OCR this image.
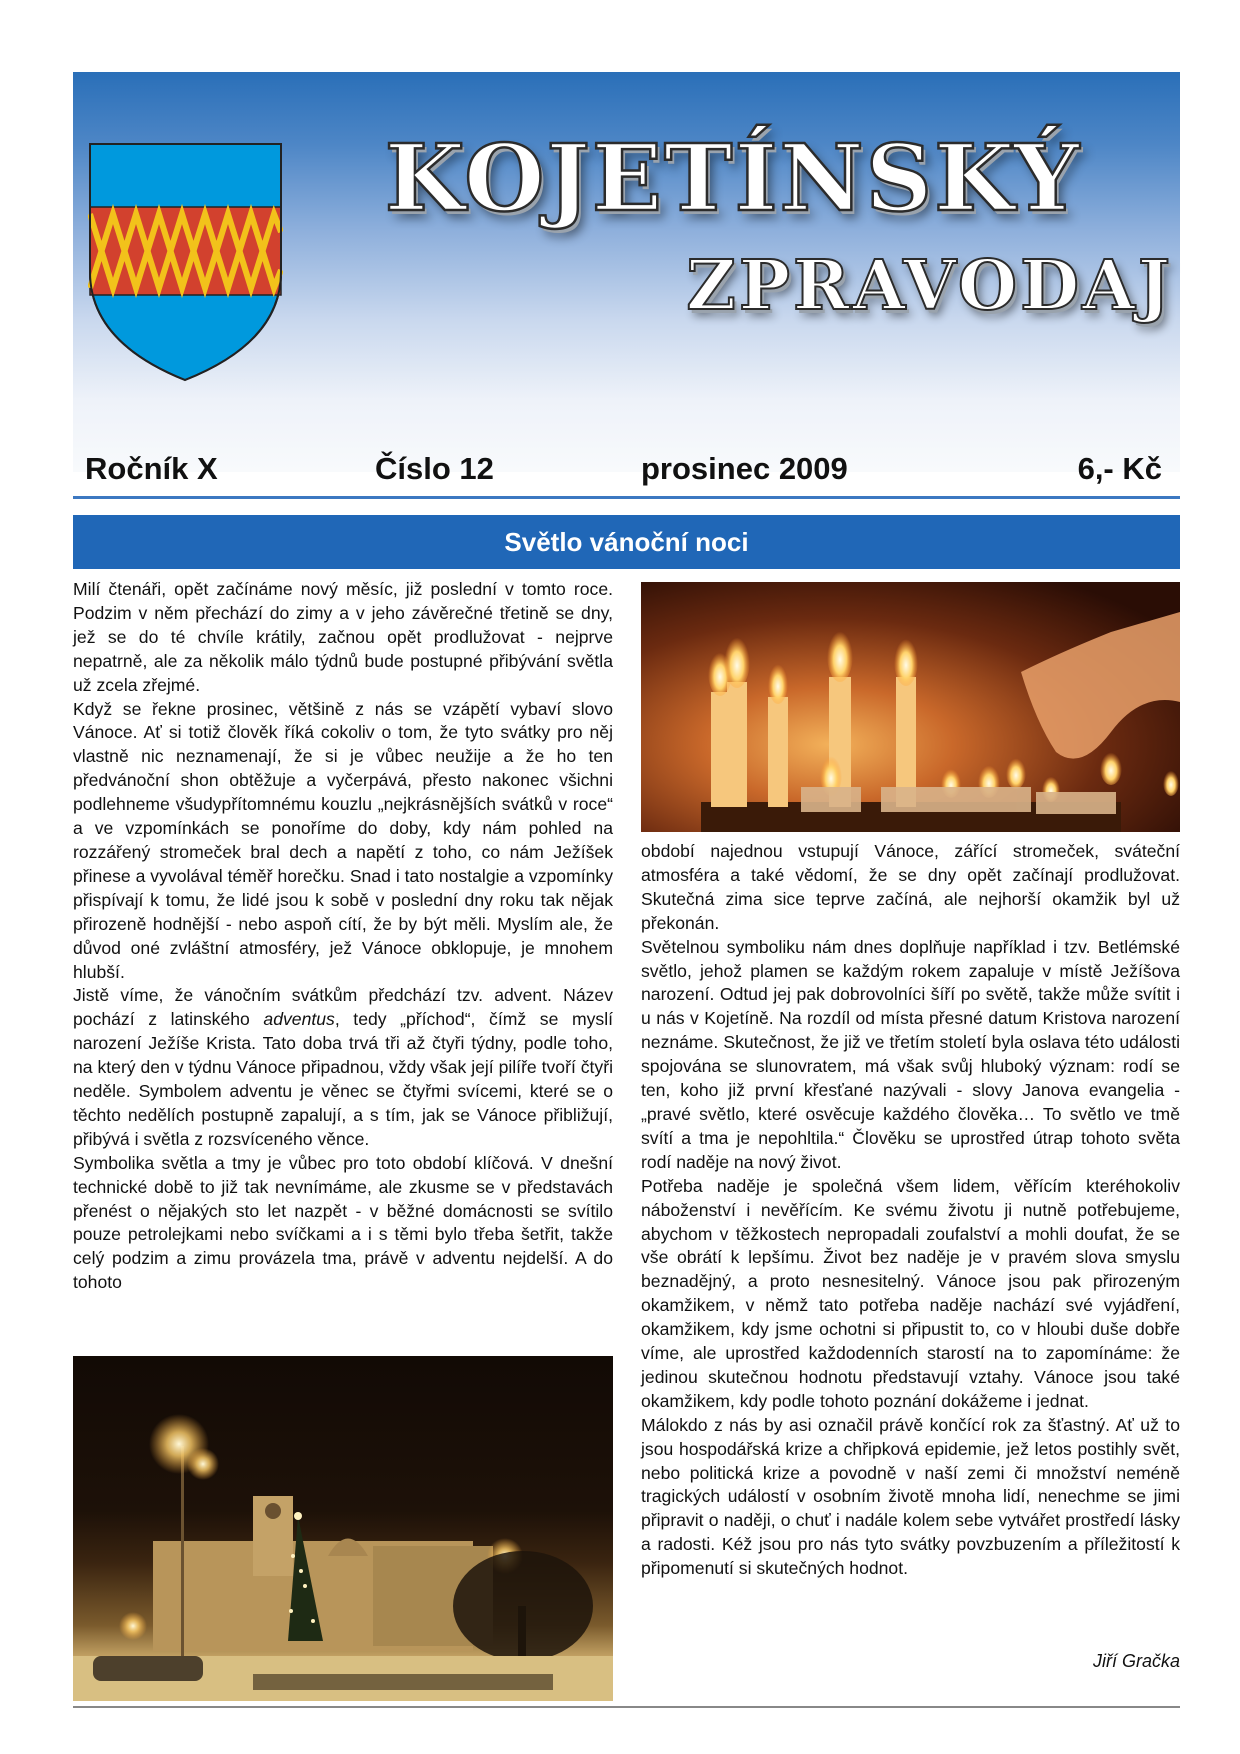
KOJETÍNSKÝ
ZPRAVODAJ
Ročník X	Číslo 12	prosinec 2009	6,- Kč
Světlo vánoční noci

Milí čtenáři, opět začínáme nový měsíc, již poslední v tomto roce. Podzim v něm přechází do zimy a v jeho závěrečné třetině se dny, jež se do té chvíle krátily, začnou opět prodlužovat - nejprve nepatrně, ale za několik málo týdnů bude postupné přibývání světla už zcela zřejmé.

Když se řekne prosinec, většině z nás se vzápětí vybaví slovo Vánoce. Ať si totiž člověk říká cokoliv o tom, že tyto svátky pro něj vlastně nic neznamenají, že si je vůbec neužije a že ho ten předvánoční shon obtěžuje a vyčerpává, přesto nakonec všichni podlehneme všudypřítomnému kouzlu „nejkrásnějších svátků v roce“ a ve vzpomínkách se ponoříme do doby, kdy nám pohled na rozzářený stromeček bral dech a napětí z toho, co nám Ježíšek přinese a vyvolával téměř horečku. Snad i tato nostalgie a vzpomínky přispívají k tomu, že lidé jsou k sobě v poslední dny roku tak nějak přirozeně hodnější - nebo aspoň cítí, že by být měli. Myslím ale, že důvod oné zvláštní atmosféry, jež Vánoce obklopuje, je mnohem hlubší.

Jistě víme, že vánočním svátkům předchází tzv. advent. Název pochází z latinského adventus, tedy „příchod“, čímž se myslí narození Ježíše Krista. Tato doba trvá tři až čtyři týdny, podle toho, na který den v týdnu Vánoce připadnou, vždy však její pilíře tvoří čtyři neděle. Symbolem adventu je věnec se čtyřmi svícemi, které se o těchto nedělích postupně zapalují, a s tím, jak se Vánoce přibližují, přibývá i světla z rozsvíceného věnce.

Symbolika světla a tmy je vůbec pro toto období klíčová. V dnešní technické době to již tak nevnímáme, ale zkusme se v představách přenést o nějakých sto let nazpět - v běžné domácnosti se svítilo pouze petrolejkami nebo svíčkami a i s těmi bylo třeba šetřit, takže celý podzim a zimu provázela tma, právě v adventu nejdelší. A do tohoto

období najednou vstupují Vánoce, zářící stromeček, sváteční atmosféra a také vědomí, že se dny opět začínají prodlužovat. Skutečná zima sice teprve začíná, ale nejhorší okamžik byl už překonán.

Světelnou symboliku nám dnes doplňuje například i tzv. Betlémské světlo, jehož plamen se každým rokem zapaluje v místě Ježíšova narození. Odtud jej pak dobrovolníci šíří po světě, takže může svítit i u nás v Kojetíně. Na rozdíl od místa přesné datum Kristova narození neznáme. Skutečnost, že již ve třetím století byla oslava této události spojována se slunovratem, má však svůj hluboký význam: rodí se ten, koho již první křesťané nazývali - slovy Janova evangelia - „pravé světlo, které osvěcuje každého člověka… To světlo ve tmě svítí a tma je nepohltila.“ Člověku se uprostřed útrap tohoto světa rodí naděje na nový život.

Potřeba naděje je společná všem lidem, věřícím kteréhokoliv náboženství i nevěřícím. Ke svému životu ji nutně potřebujeme, abychom v těžkostech nepropadali zoufalství a mohli doufat, že se vše obrátí k lepšímu. Život bez naděje je v pravém slova smyslu beznadějný, a proto nesnesitelný. Vánoce jsou pak přirozeným okamžikem, v němž tato potřeba naděje nachází své vyjádření, okamžikem, kdy jsme ochotni si připustit to, co v hloubi duše dobře víme, ale uprostřed každodenních starostí na to zapomínáme: že jedinou skutečnou hodnotu představují vztahy. Vánoce jsou také okamžikem, kdy podle tohoto poznání dokážeme i jednat.

Málokdo z nás by asi označil právě končící rok za šťastný. Ať už to jsou hospodářská krize a chřipková epidemie, jež letos postihly svět, nebo politická krize a povodně v naší zemi či množství neméně tragických událostí v osobním životě mnoha lidí, nenechme se jimi připravit o naději, o chuť i nadále kolem sebe vytvářet prostředí lásky a radosti. Kéž jsou pro nás tyto svátky povzbuzením a příležitostí k připomenutí si skutečných hodnot.

Jiří Gračka
